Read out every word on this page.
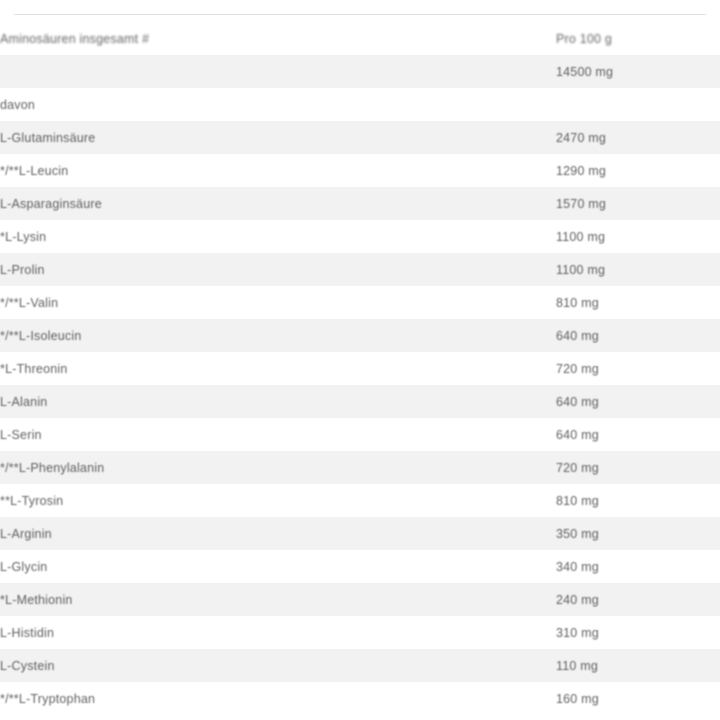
Aminosäuren insgesamt #	Pro 100 g
	14500 mg
davon	
L-Glutaminsäure	2470 mg
*/**L-Leucin	1290 mg
L-Asparaginsäure	1570 mg
*L-Lysin	1100 mg
L-Prolin	1100 mg
*/**L-Valin	810 mg
*/**L-Isoleucin	640 mg
*L-Threonin	720 mg
L-Alanin	640 mg
L-Serin	640 mg
*/**L-Phenylalanin	720 mg
**L-Tyrosin	810 mg
L-Arginin	350 mg
L-Glycin	340 mg
*L-Methionin	240 mg
L-Histidin	310 mg
L-Cystein	110 mg
*/**L-Tryptophan	160 mg
